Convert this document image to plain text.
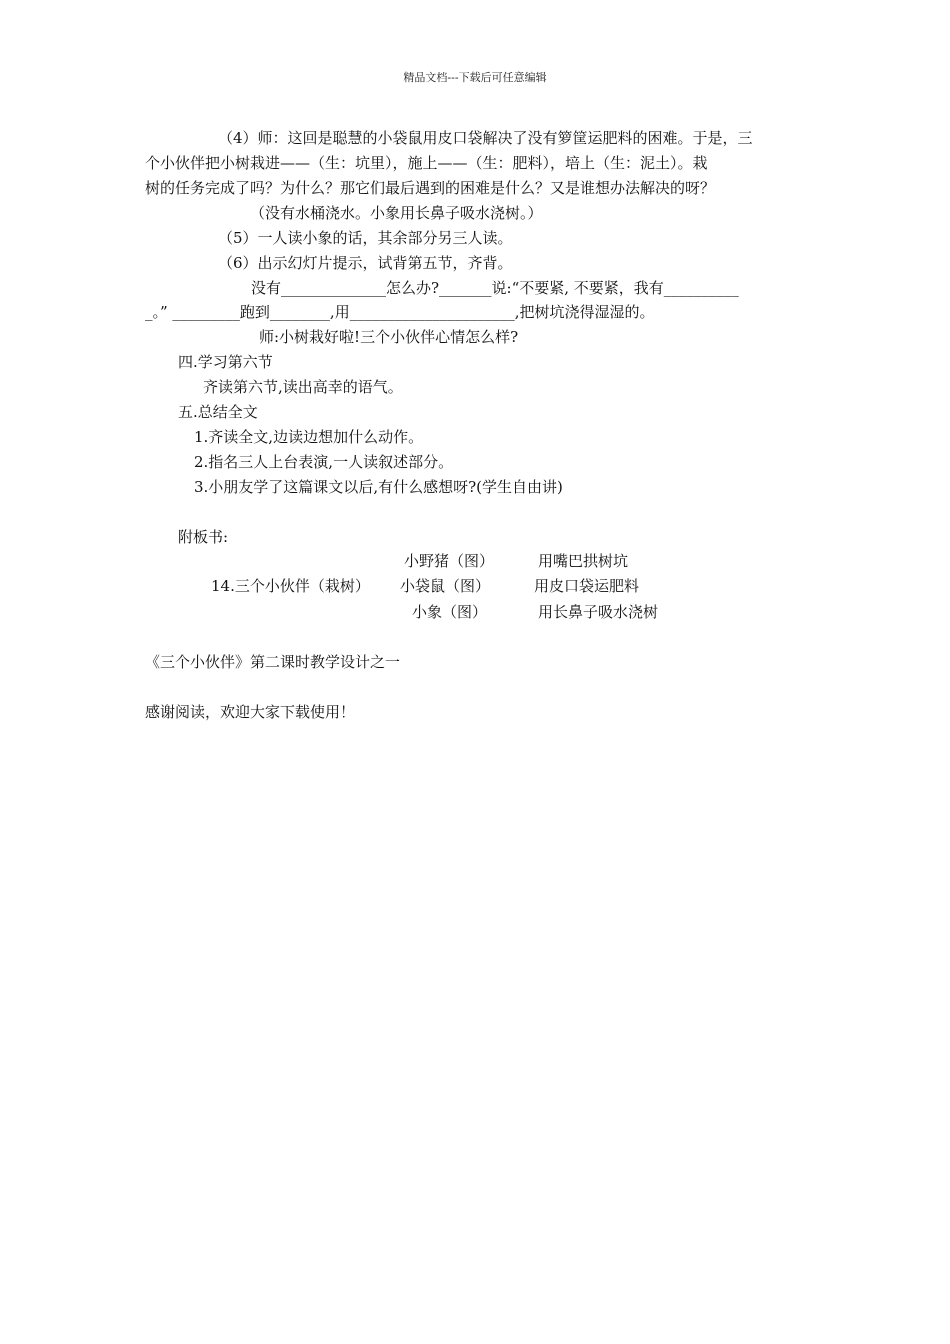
精品文档---下载后可任意编辑
（4）师：这回是聪慧的小袋鼠用皮口袋解决了没有箩筐运肥料的困难。于是，三
个小伙伴把小树栽进——（生：坑里），施上——（生：肥料），培上（生：泥土）。栽
树的任务完成了吗？为什么？那它们最后遇到的困难是什么？又是谁想办法解决的呀？
（没有水桶浇水。小象用长鼻子吸水浇树。）
（5）一人读小象的话，其余部分另三人读。
（6）出示幻灯片提示，试背第五节，齐背。
没有______________怎么办?_______说:“不要紧, 不要紧，我有__________
_。” _________跑到________,用______________________,把树坑浇得湿湿的。
师:小树栽好啦!三个小伙伴心情怎么样?
四.学习第六节
齐读第六节,读出高幸的语气。
五.总结全文
1.齐读全文,边读边想加什么动作。
2.指名三人上台表演,一人读叙述部分。
3.小朋友学了这篇课文以后,有什么感想呀?(学生自由讲)
附板书:
小野猪（图）	用嘴巴拱树坑
14.三个小伙伴（栽树） 小袋鼠（图）	用皮口袋运肥料
小象（图）	用长鼻子吸水浇树
《三个小伙伴》第二课时教学设计之一
感谢阅读，欢迎大家下载使用！
